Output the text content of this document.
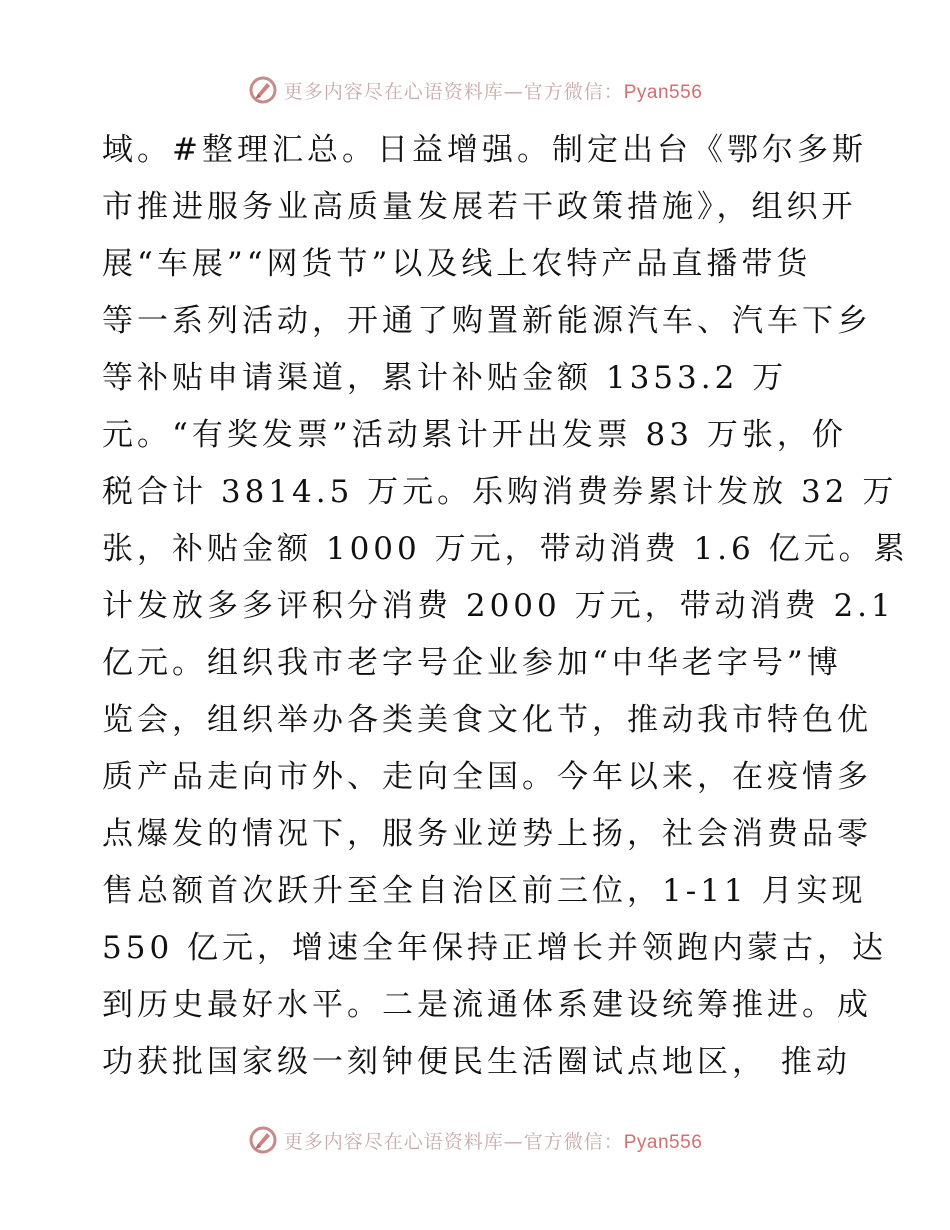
更多内容尽在心语资料库—官方微信：Pyan556
域。#整理汇总。日益增强。制定出台《鄂尔多斯
市推进服务业高质量发展若干政策措施》，组织开
展“车展”“网货节”以及线上农特产品直播带货
等一系列活动，开通了购置新能源汽车、汽车下乡
等补贴申请渠道，累计补贴金额 1353.2 万
元。“有奖发票”活动累计开出发票 83 万张，价
税合计 3814.5 万元。乐购消费券累计发放 32 万
张，补贴金额 1000 万元，带动消费 1.6 亿元。累
计发放多多评积分消费 2000 万元，带动消费 2.1
亿元。组织我市老字号企业参加“中华老字号”博
览会，组织举办各类美食文化节，推动我市特色优
质产品走向市外、走向全国。今年以来，在疫情多
点爆发的情况下，服务业逆势上扬，社会消费品零
售总额首次跃升至全自治区前三位，1-11 月实现
550 亿元，增速全年保持正增长并领跑内蒙古，达
到历史最好水平。二是流通体系建设统筹推进。成
功获批国家级一刻钟便民生活圈试点地区， 推动
更多内容尽在心语资料库—官方微信：Pyan556
